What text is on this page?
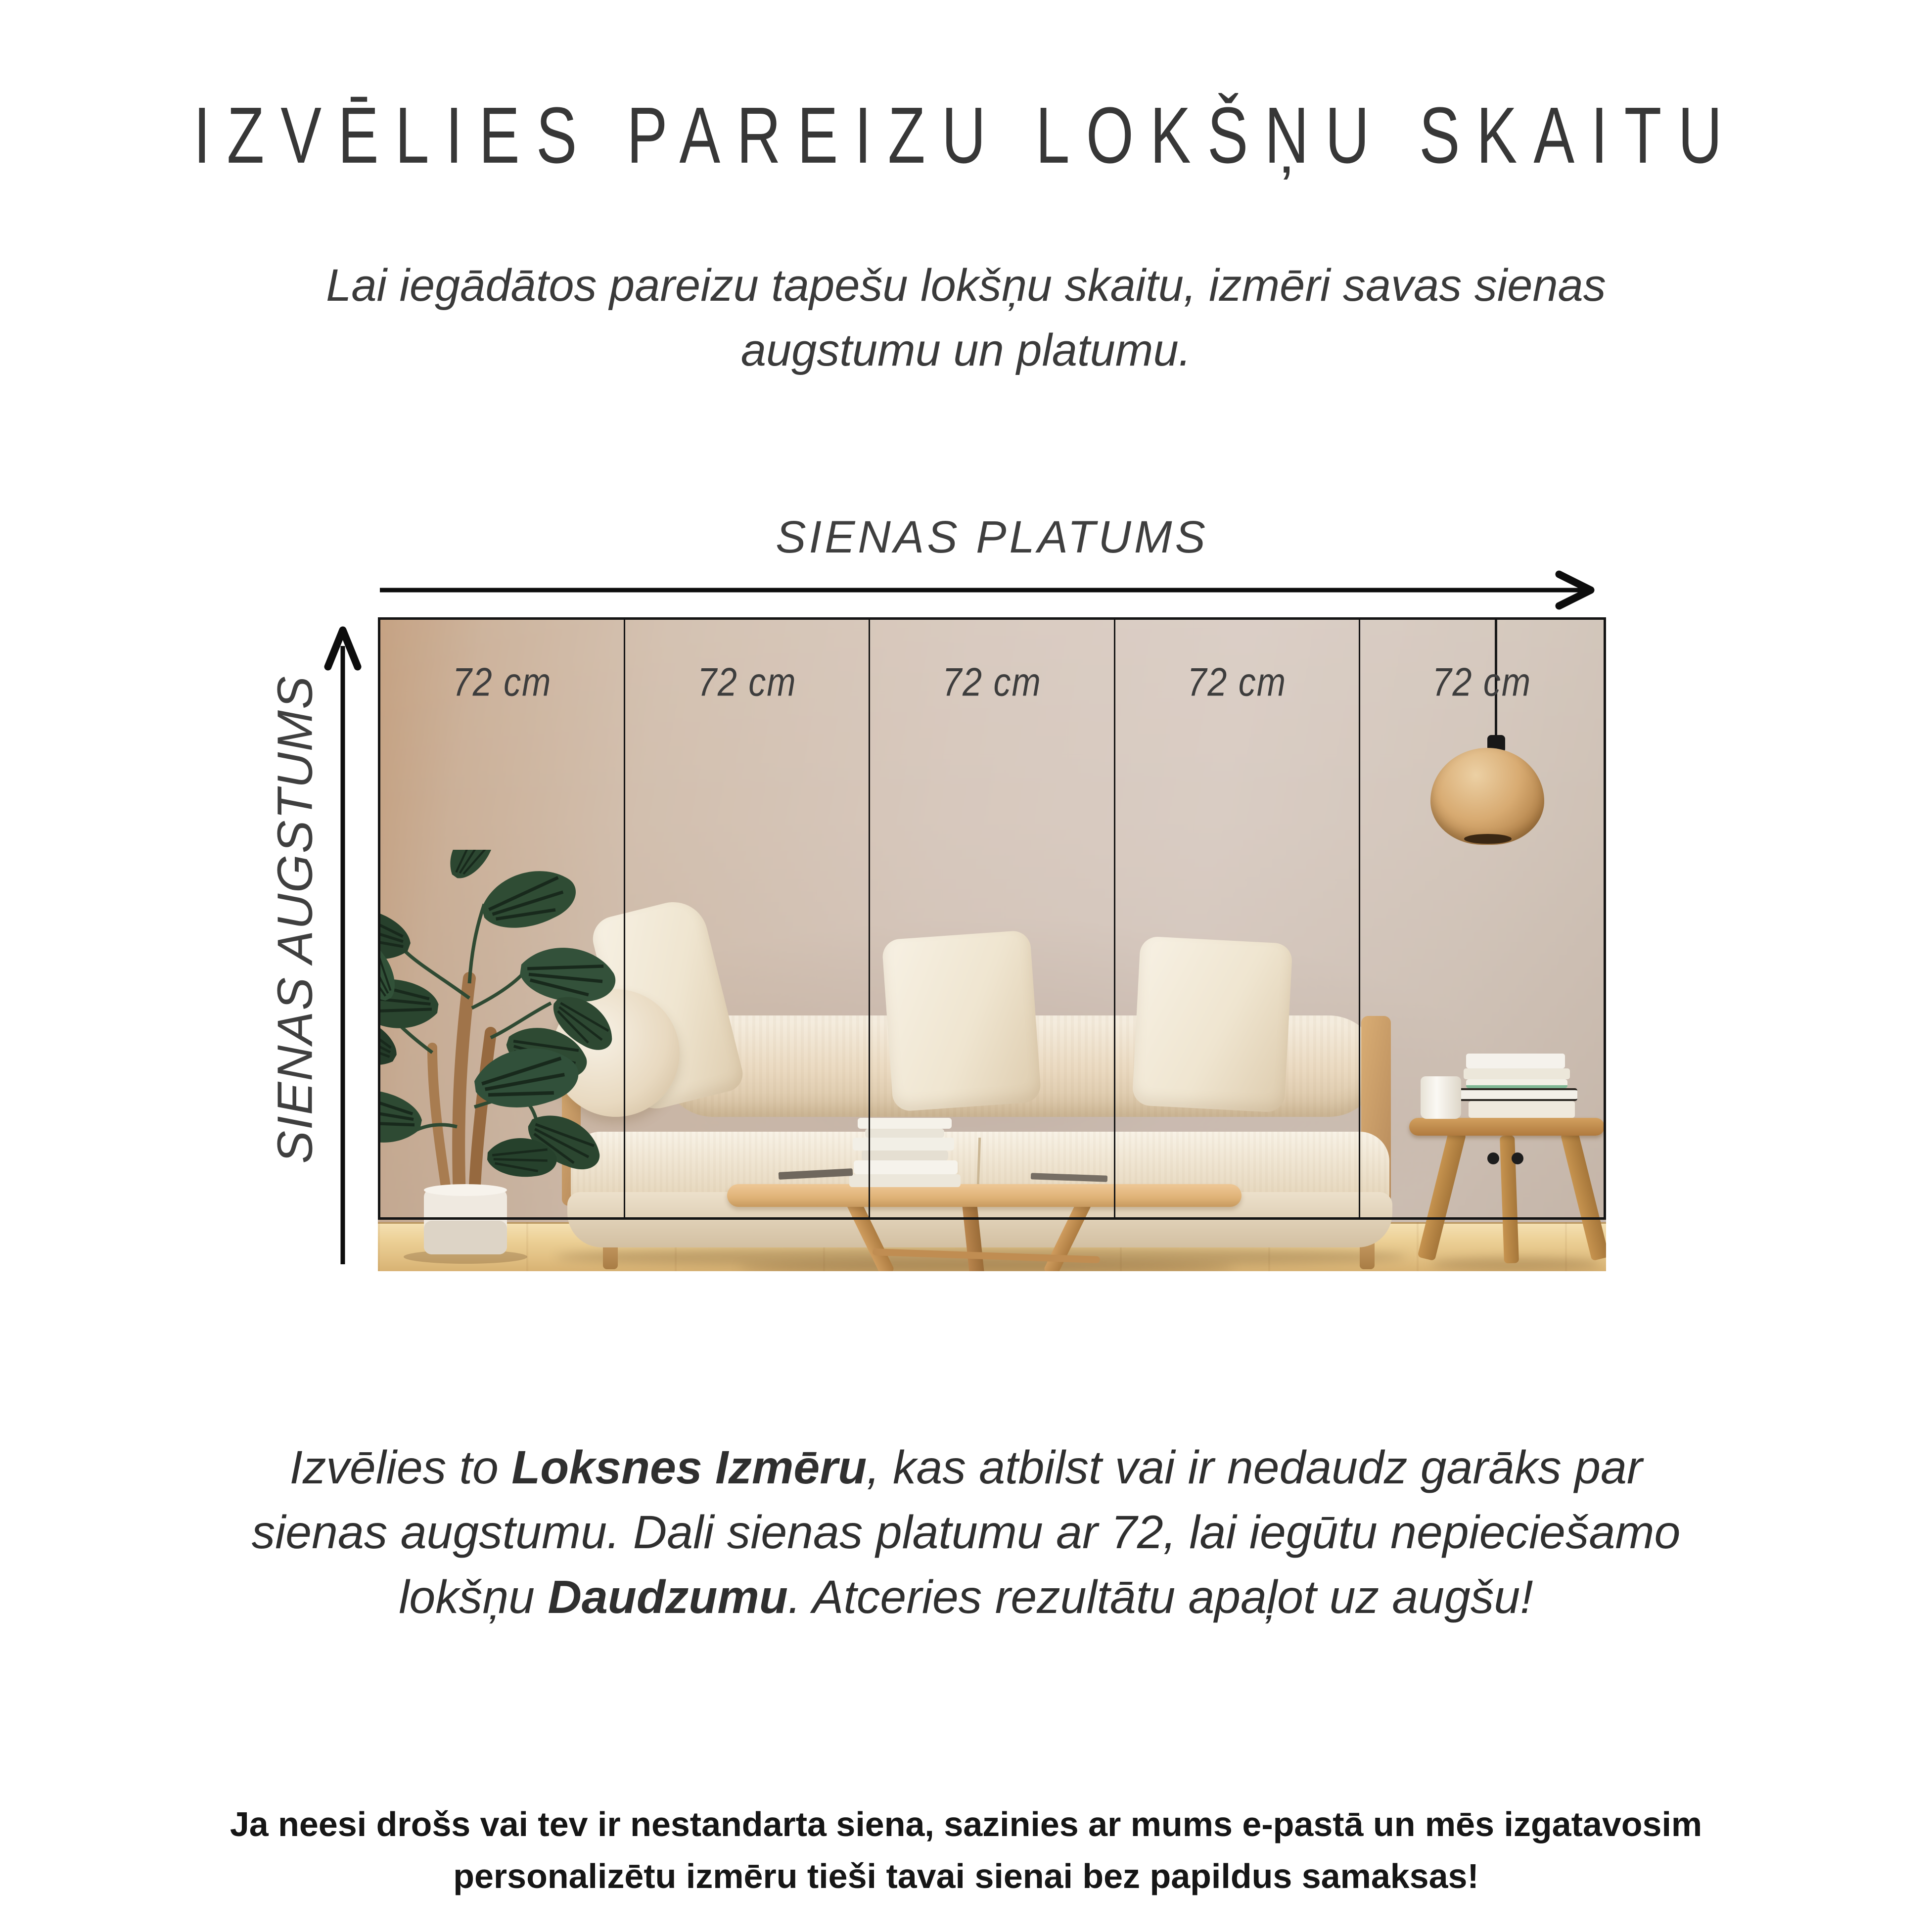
IZVĒLIES PAREIZU LOKŠŅU SKAITU
Lai iegādātos pareizu tapešu lokšņu skaitu, izmēri savas sienas
augstumu un platumu.
SIENAS PLATUMS
SIENAS AUGSTUMS	72 cm	72 cm	72 cm	72 cm	72 cm
Izvēlies to Loksnes Izmēru, kas atbilst vai ir nedaudz garāks par
sienas augstumu. Dali sienas platumu ar 72, lai iegūtu nepieciešamo
lokšņu Daudzumu. Atceries rezultātu apaļot uz augšu!
Ja neesi drošs vai tev ir nestandarta siena, sazinies ar mums e-pastā un mēs izgatavosim
personalizētu izmēru tieši tavai sienai bez papildus samaksas!
